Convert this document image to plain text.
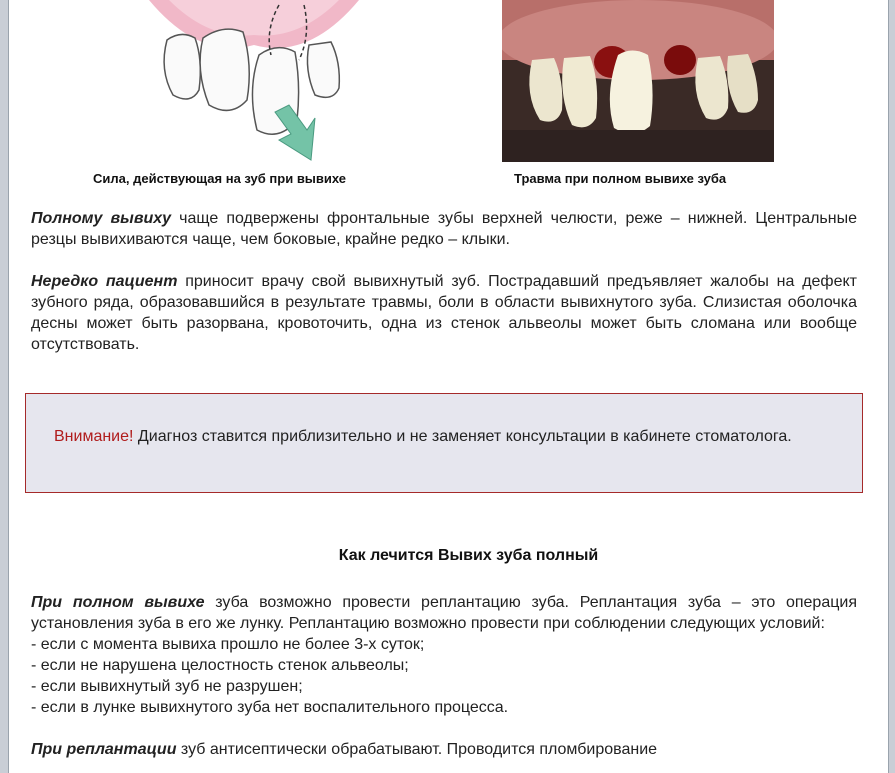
Сила, действующая на зуб при вывихе	Травма при полном вывихе зуба

Полному вывиху чаще подвержены фронтальные зубы верхней челюсти, реже – нижней. Центральные резцы вывихиваются чаще, чем боковые, крайне редко – клыки.

Нередко пациент приносит врачу свой вывихнутый зуб. Пострадавший предъявляет жалобы на дефект зубного ряда, образовавшийся в результате травмы, боли в области вывихнутого зуба. Слизистая оболочка десны может быть разорвана, кровоточить, одна из стенок альвеолы может быть сломана или вообще отсутствовать.

Внимание! Диагноз ставится приблизительно и не заменяет консультации в кабинете стоматолога.
Как лечится Вывих зуба полный

При полном вывихе зуба возможно провести реплантацию зуба. Реплантация зуба – это операция установления зуба в его же лунку. Реплантацию возможно провести при соблюдении следующих условий:

- если с момента вывиха прошло не более 3-х суток;
- если не нарушена целостность стенок альвеолы;
- если вывихнутый зуб не разрушен;
- если в лунке вывихнутого зуба нет воспалительного процесса.

При реплантации зуб антисептически обрабатывают. Проводится пломбирование
